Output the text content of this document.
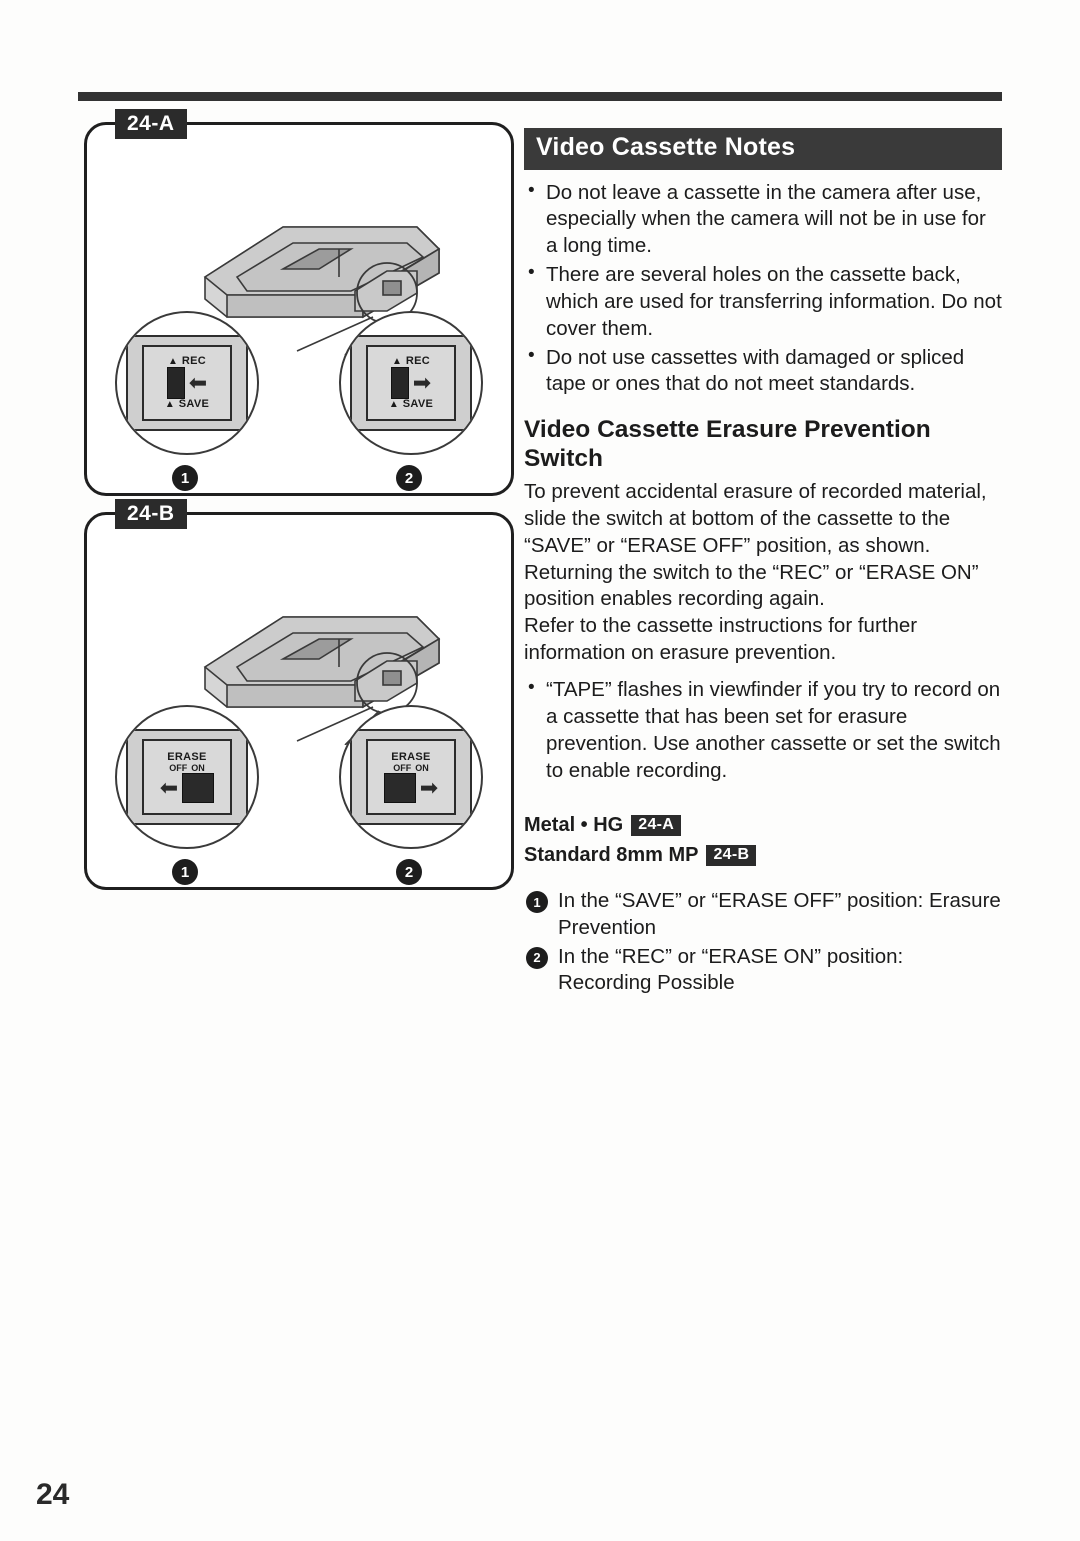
24-A
▲ REC
⬅
▲ SAVE
▲ REC
➡
▲ SAVE
1	2
24-B
ERASE
OFF ON
⬅
ERASE
OFF ON
➡
1	2
Video Cassette Notes
• Do not leave a cassette in the camera after use, especially when the camera will not be in use for a long time.
• There are several holes on the cassette back, which are used for transferring information. Do not cover them.
• Do not use cassettes with damaged or spliced tape or ones that do not meet standards.
Video Cassette Erasure Prevention Switch

To prevent accidental erasure of recorded material, slide the switch at bottom of the cassette to the “SAVE” or “ERASE OFF” position, as shown.

Returning the switch to the “REC” or “ERASE ON” position enables recording again.

Refer to the cassette instructions for further information on erasure prevention.

• “TAPE” flashes in viewfinder if you try to record on a cassette that has been set for erasure prevention. Use another cassette or set the switch to enable recording.
Metal • HG 24-A
Standard 8mm MP 24-B
1 In the “SAVE” or “ERASE OFF” position: Erasure Prevention
2 In the “REC” or “ERASE ON” position: Recording Possible
24
